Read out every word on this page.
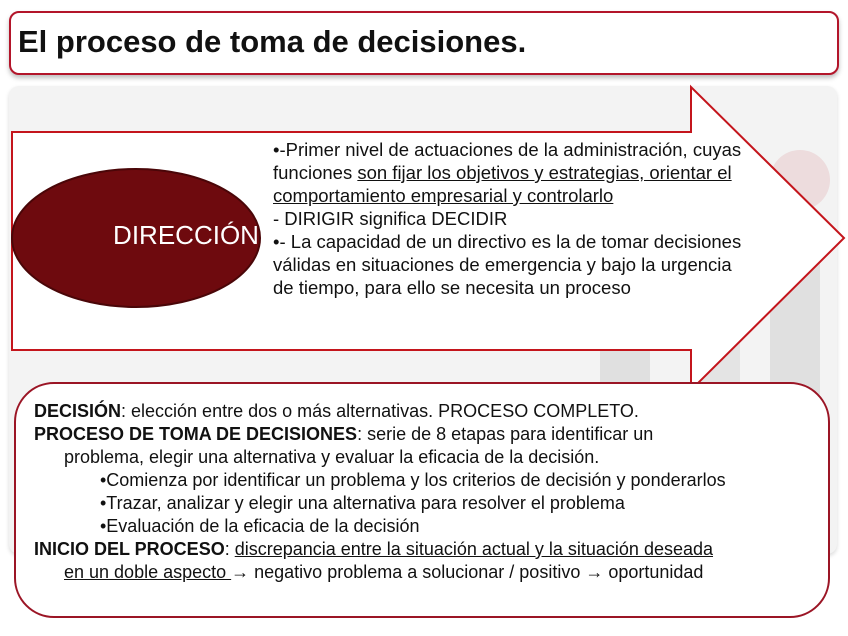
El proceso de toma de decisiones.
DIRECCIÓN

•-Primer nivel de actuaciones de la administración, cuyas funciones son fijar los objetivos y estrategias, orientar el comportamiento empresarial y controlarlo

- DIRIGIR significa DECIDIR

•- La capacidad de un directivo es la de tomar decisiones válidas en situaciones de emergencia y bajo la urgencia de tiempo, para ello se necesita un proceso

DECISIÓN: elección entre dos o más alternativas. PROCESO COMPLETO.

PROCESO DE TOMA DE DECISIONES: serie de 8 etapas para identificar un

problema, elegir una alternativa y evaluar la eficacia de la decisión.

•Comienza por identificar un problema y los criterios de decisión y ponderarlos

•Trazar, analizar y elegir una alternativa para resolver el problema

•Evaluación de la eficacia de la decisión

INICIO DEL PROCESO: discrepancia entre la situación actual y la situación deseada

en un doble aspecto → negativo problema a solucionar / positivo → oportunidad
